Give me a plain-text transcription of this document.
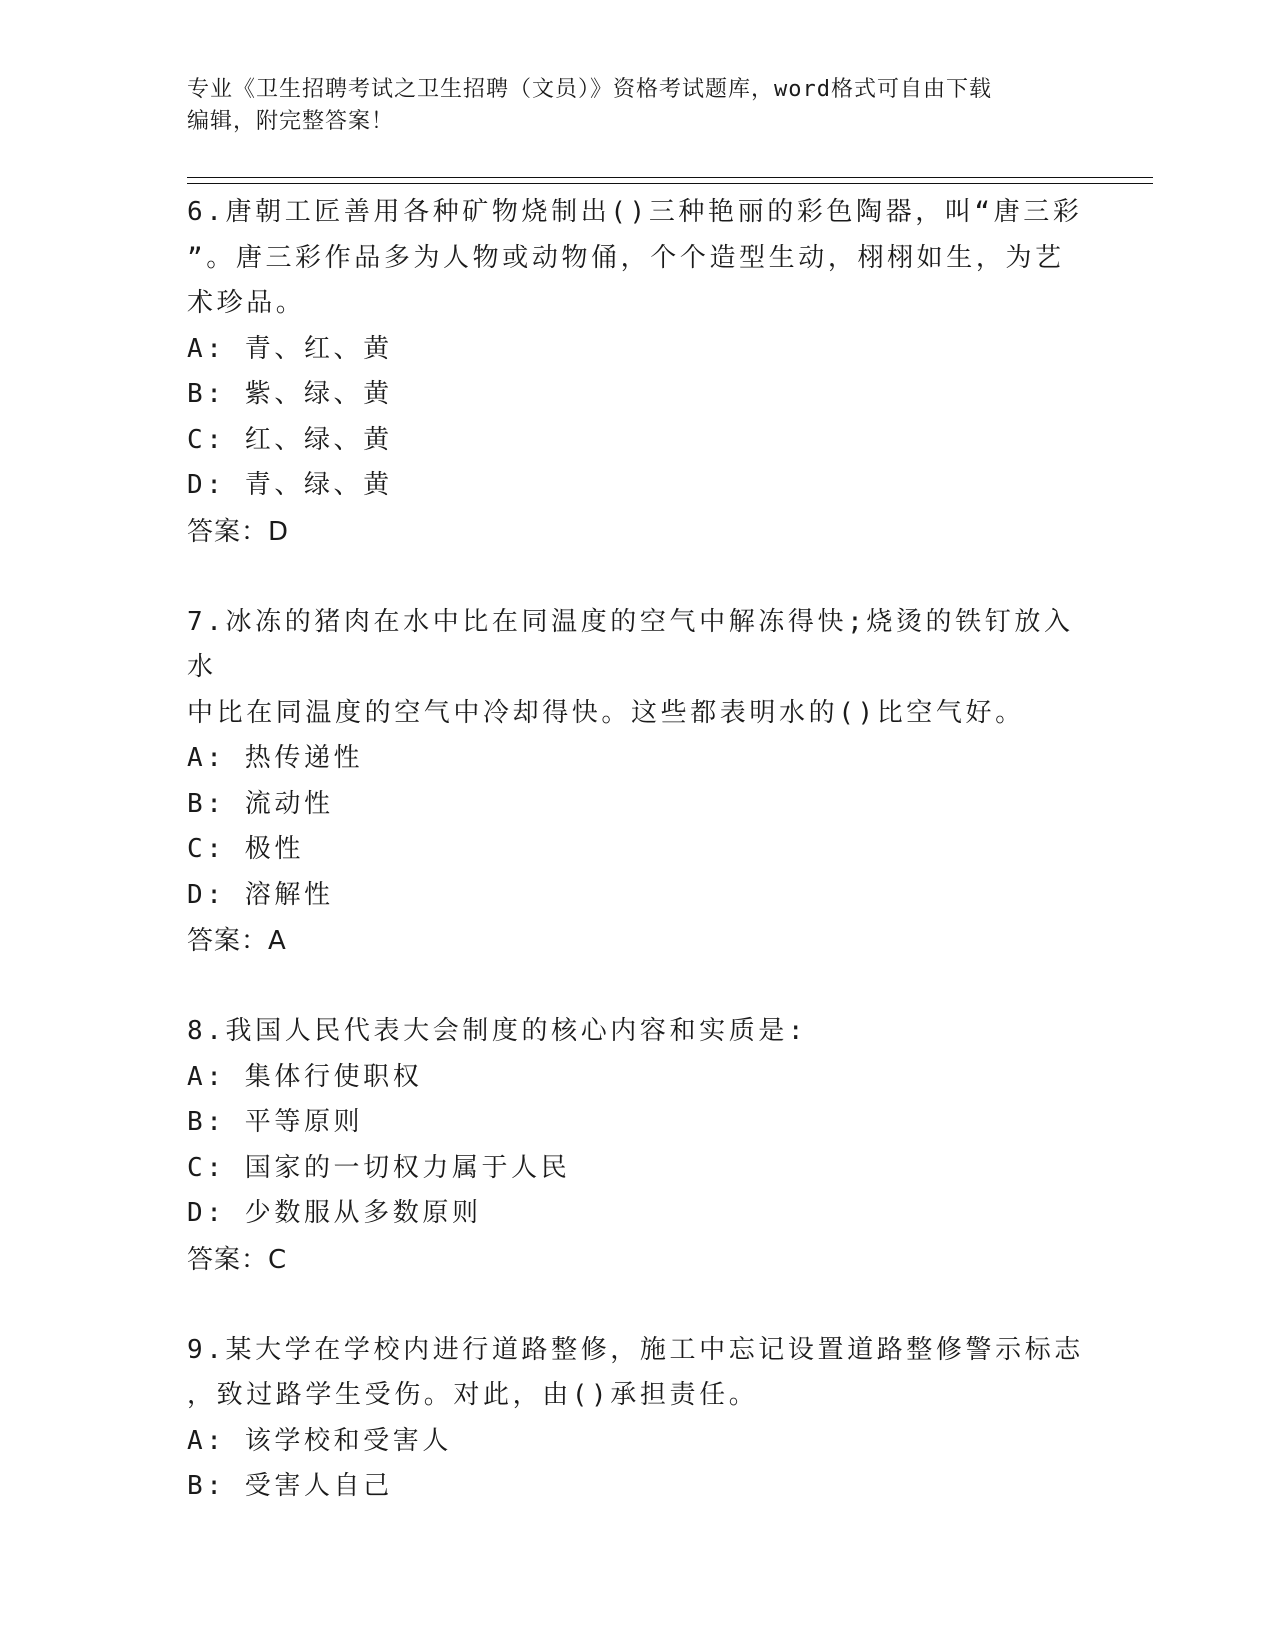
专业《卫生招聘考试之卫生招聘（文员）》资格考试题库，word格式可自由下载
编辑，附完整答案！
6.唐朝工匠善用各种矿物烧制出()三种艳丽的彩色陶器，叫“唐三彩
”。唐三彩作品多为人物或动物俑，个个造型生动，栩栩如生，为艺
术珍品。
A: 青、红、黄
B: 紫、绿、黄
C: 红、绿、黄
D: 青、绿、黄
答案：D
7.冰冻的猪肉在水中比在同温度的空气中解冻得快;烧烫的铁钉放入水
中比在同温度的空气中冷却得快。这些都表明水的()比空气好。
A: 热传递性
B: 流动性
C: 极性
D: 溶解性
答案：A
8.我国人民代表大会制度的核心内容和实质是:
A: 集体行使职权
B: 平等原则
C: 国家的一切权力属于人民
D: 少数服从多数原则
答案：C
9.某大学在学校内进行道路整修，施工中忘记设置道路整修警示标志
，致过路学生受伤。对此，由()承担责任。
A: 该学校和受害人
B: 受害人自己
